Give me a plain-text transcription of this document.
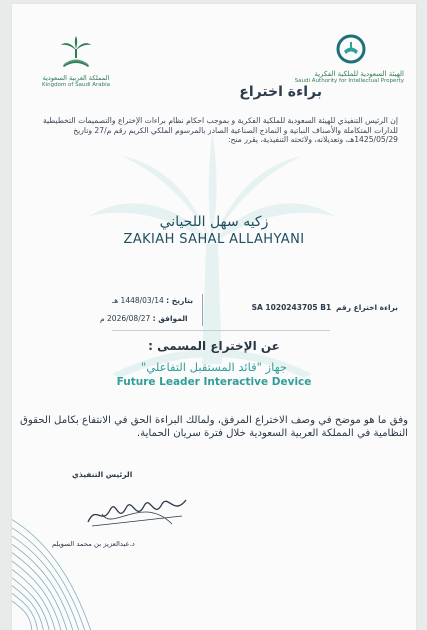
المملكة العربية السعودية
Kingdom of Saudi Arabia
الهيئة السعودية للملكية الفكرية
Saudi Authority for Intellectual Property
براءة اختراع
إن الرئيس التنفيذي للهيئة السعودية للملكية الفكرية و بموجب احكام نظام براءات الإختراع والتصميمات التخطيطية للدارات المتكاملة والأصناف النباتية و النماذج الصناعية الصادر بالمرسوم الملكي الكريم رقم م/27 وتاريخ 1425/05/29هـ، وتعديلاته، ولائحته التنفيذية، يقرر منح:
زكيه سهل اللحياني
ZAKIAH SAHAL ALLAHYANI
براءة اختراع رقم  SA 1020243705 B1
بتاريخ : 1448/03/14 هـ
الموافق : 2026/08/27 م
عن الإختراع المسمى :
جهاز "قائد المستقبل التفاعلي"
Future Leader Interactive Device
وفق ما هو موضح في وصف الاختراع المرفق، ولمالك البراءة الحق في الانتفاع بكامل الحقوق النظامية في المملكة العربية السعودية خلال فترة سريان الحماية.
الرئيس التنفيذي
د.عبدالعزيز بن محمد السويلم
